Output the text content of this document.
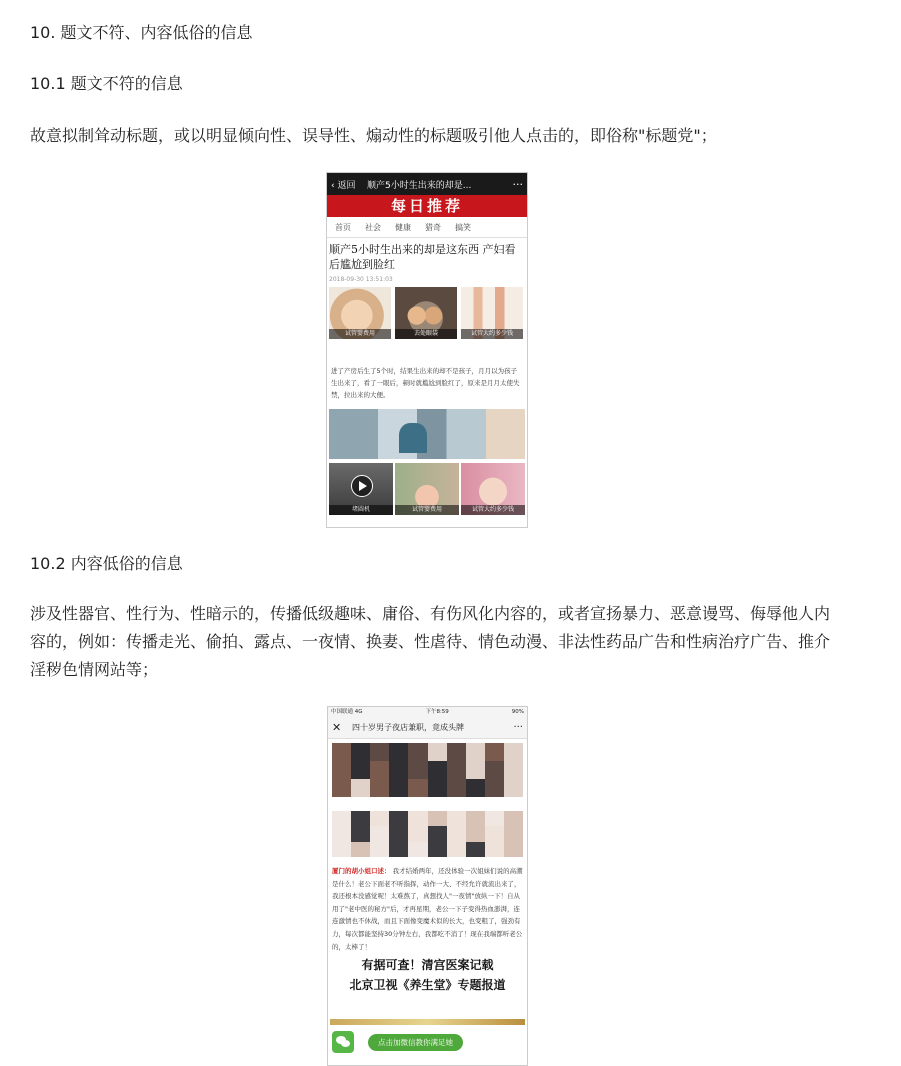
10. 题文不符、内容低俗的信息
10.1 题文不符的信息
故意拟制耸动标题，或以明显倾向性、误导性、煽动性的标题吸引他人点击的，即俗称"标题党"；
‹ 返回	顺产5小时生出来的却是...	···
每日推荐
首页 社会 健康 猎奇 搞笑
顺产5小时生出来的却是这东西 产妇看后尴尬到脸红
2018-09-30 13:51:03
试管婴费用	去处眼袋	试管大约多少钱
进了产房后生了5个时，结果生出来的却不是孩子，月月以为孩子生出来了，看了一眼后，顿时就尴尬到脸红了，原来是月月太使失禁，拉出来的大便。
堵圆机	试管婴费用	试管大约多少钱
10.2 内容低俗的信息
涉及性器官、性行为、性暗示的，传播低级趣味、庸俗、有伤风化内容的，或者宣扬暴力、恶意谩骂、侮辱他人内容的，例如：传播走光、偷拍、露点、一夜情、换妻、性虐待、情色动漫、非法性药品广告和性病治疗广告、推介淫秽色情网站等；
中国联通 4G	下午8:59	90%
✕	四十岁男子夜店兼职，竟成头牌	···
厦门的胡小姐口述： 我才结婚两年，还没体验一次姐妹们说的高潮是什么！老公下面老不听指挥，动作一大、不经允许就流出来了，我还根本没感觉呢！太难熬了，真想找人"一夜情"放纵一下！自从用了"老中医的秘方"后，才再星期，老公一下子变得热血澎湃，连连激情也不休战，而且下面像变魔术似的长大，也变粗了，强劲有力，每次都能坚持30分钟左右，我都吃不消了！现在我端都听老公的，太棒了！
有据可查！清宫医案记载
北京卫视《养生堂》专题报道
点击加微信教你满足她
